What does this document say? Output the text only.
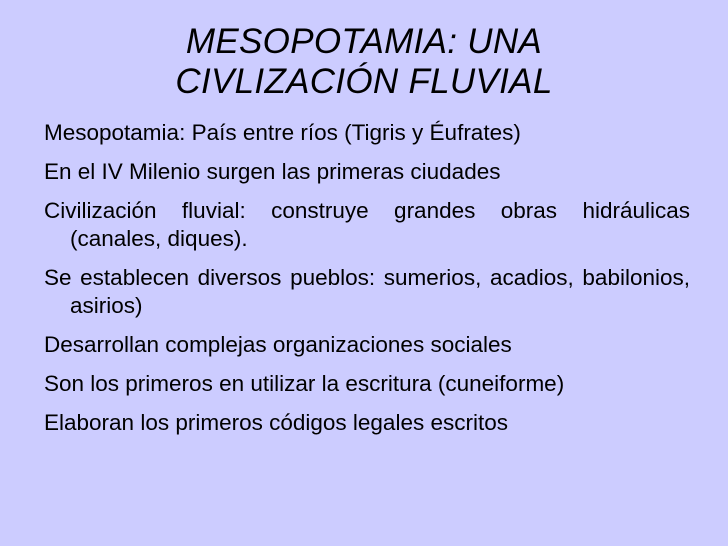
MESOPOTAMIA: UNA
CIVLIZACIÓN FLUVIAL
Mesopotamia: País entre ríos (Tigris y Éufrates)
En el IV Milenio surgen las primeras ciudades
Civilización fluvial: construye grandes obras hidráulicas (canales, diques).
Se establecen diversos pueblos: sumerios, acadios, babilonios, asirios)
Desarrollan complejas organizaciones sociales
Son los primeros en utilizar la escritura (cuneiforme)
Elaboran los primeros códigos legales escritos
